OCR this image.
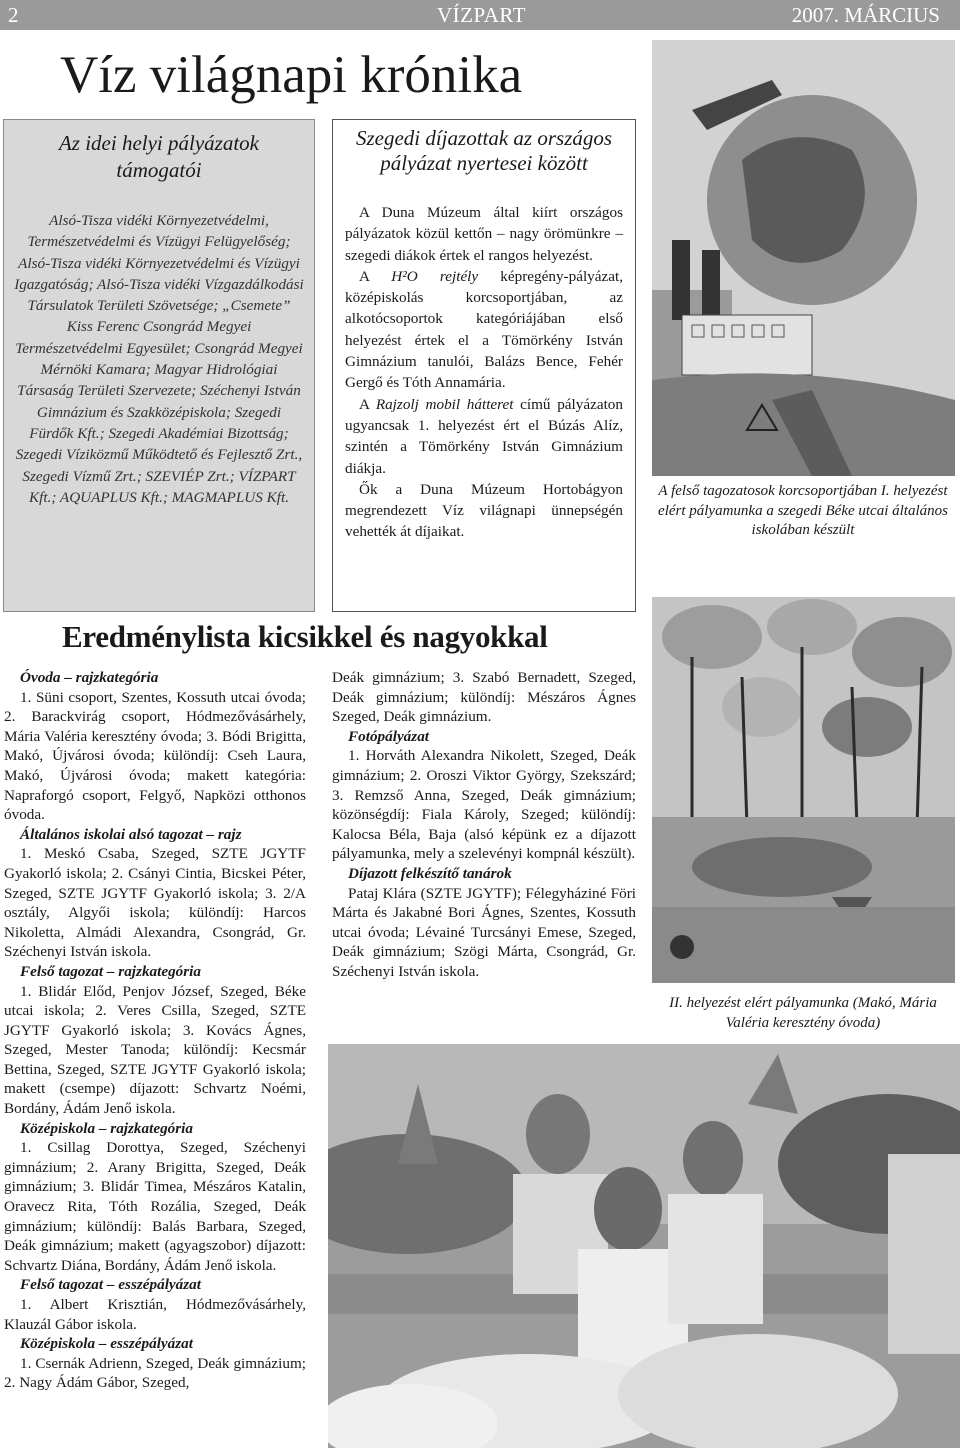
2	VÍZPART	2007. MÁRCIUS
Víz világnapi krónika
Az idei helyi pályázatok támogatói
Alsó-Tisza vidéki Környezetvédelmi, Természetvédelmi és Vízügyi Felügyelőség; Alsó-Tisza vidéki Környezetvédelmi és Vízügyi Igazgatóság; Alsó-Tisza vidéki Vízgazdálkodási Társulatok Területi Szövetsége; „Csemete” Kiss Ferenc Csongrád Megyei Természetvédelmi Egyesület; Csongrád Megyei Mérnöki Kamara; Magyar Hidrológiai Társaság Területi Szervezete; Széchenyi István Gimnázium és Szakközépiskola; Szegedi Fürdők Kft.; Szegedi Akadémiai Bizottság; Szegedi Víziközmű Működtető és Fejlesztő Zrt., Szegedi Vízmű Zrt.; SZEVIÉP Zrt.; VÍZPART Kft.; AQUAPLUS Kft.; MAGMAPLUS Kft.
Szegedi díjazottak az országos pályázat nyertesei között

A Duna Múzeum által kiírt országos pályázatok közül kettőn – nagy örömünkre – szegedi diákok értek el rangos helyezést.

A H²O rejtély képregény-pályázat, középiskolás korcsoportjában, az alkotócsoportok kategóriájában első helyezést értek el a Tömörkény István Gimnázium tanulói, Balázs Bence, Fehér Gergő és Tóth Annamária.

A Rajzolj mobil hátteret című pályázaton ugyancsak 1. helyezést ért el Búzás Alíz, szintén a Tömörkény István Gimnázium diákja.

Ők a Duna Múzeum Hortobágyon megrendezett Víz világnapi ünnepségén vehették át díjaikat.

A felső tagozatosok korcsoportjában I. helyezést elért pályamunka a szegedi Béke utcai általános iskolában készült
II. helyezést elért pályamunka (Makó, Mária Valéria keresztény óvoda)
Eredménylista kicsikkel és nagyokkal

Óvoda – rajzkategória

1. Süni csoport, Szentes, Kossuth utcai óvoda; 2. Barackvirág csoport, Hódmezővásárhely, Mária Valéria keresztény óvoda; 3. Bódi Brigitta, Makó, Újvárosi óvoda; különdíj: Cseh Laura, Makó, Újvárosi óvoda; makett kategória: Napraforgó csoport, Felgyő, Napközi otthonos óvoda.

Általános iskolai alsó tagozat – rajz

1. Meskó Csaba, Szeged, SZTE JGYTF Gyakorló iskola; 2. Csányi Cintia, Bicskei Péter, Szeged, SZTE JGYTF Gyakorló iskola; 3. 2/A osztály, Algyői iskola; különdíj: Harcos Nikoletta, Almádi Alexandra, Csongrád, Gr. Széchenyi István iskola.

Felső tagozat – rajzkategória

1. Blidár Előd, Penjov József, Szeged, Béke utcai iskola; 2. Veres Csilla, Szeged, SZTE JGYTF Gyakorló iskola; 3. Kovács Ágnes, Szeged, Mester Tanoda; különdíj: Kecsmár Bettina, Szeged, SZTE JGYTF Gyakorló iskola; makett (csempe) díjazott: Schvartz Noémi, Bordány, Ádám Jenő iskola.

Középiskola – rajzkategória

1. Csillag Dorottya, Szeged, Széchenyi gimnázium; 2. Arany Brigitta, Szeged, Deák gimnázium; 3. Blidár Timea, Mészáros Katalin, Oravecz Rita, Tóth Rozália, Szeged, Deák gimnázium; különdíj: Balás Barbara, Szeged, Deák gimnázium; makett (agyagszobor) díjazott: Schvartz Diána, Bordány, Ádám Jenő iskola.

Felső tagozat – esszépályázat

1. Albert Krisztián, Hódmezővásárhely, Klauzál Gábor iskola.

Középiskola – esszépályázat

1. Csernák Adrienn, Szeged, Deák gimnázium; 2. Nagy Ádám Gábor, Szeged,

Deák gimnázium; 3. Szabó Bernadett, Szeged, Deák gimnázium; különdíj: Mészáros Ágnes Szeged, Deák gimnázium.

Fotópályázat

1. Horváth Alexandra Nikolett, Szeged, Deák gimnázium; 2. Oroszi Viktor György, Szekszárd; 3. Remzső Anna, Szeged, Deák gimnázium; közönségdíj: Fiala Károly, Szeged; különdíj: Kalocsa Béla, Baja (alsó képünk ez a díjazott pályamunka, mely a szelevényi kompnál készült).

Díjazott felkészítő tanárok

Pataj Klára (SZTE JGYTF); Félegyháziné Föri Márta és Jakabné Bori Ágnes, Szentes, Kossuth utcai óvoda; Lévainé Turcsányi Emese, Szeged, Deák gimnázium; Szögi Márta, Csongrád, Gr. Széchenyi István iskola.
